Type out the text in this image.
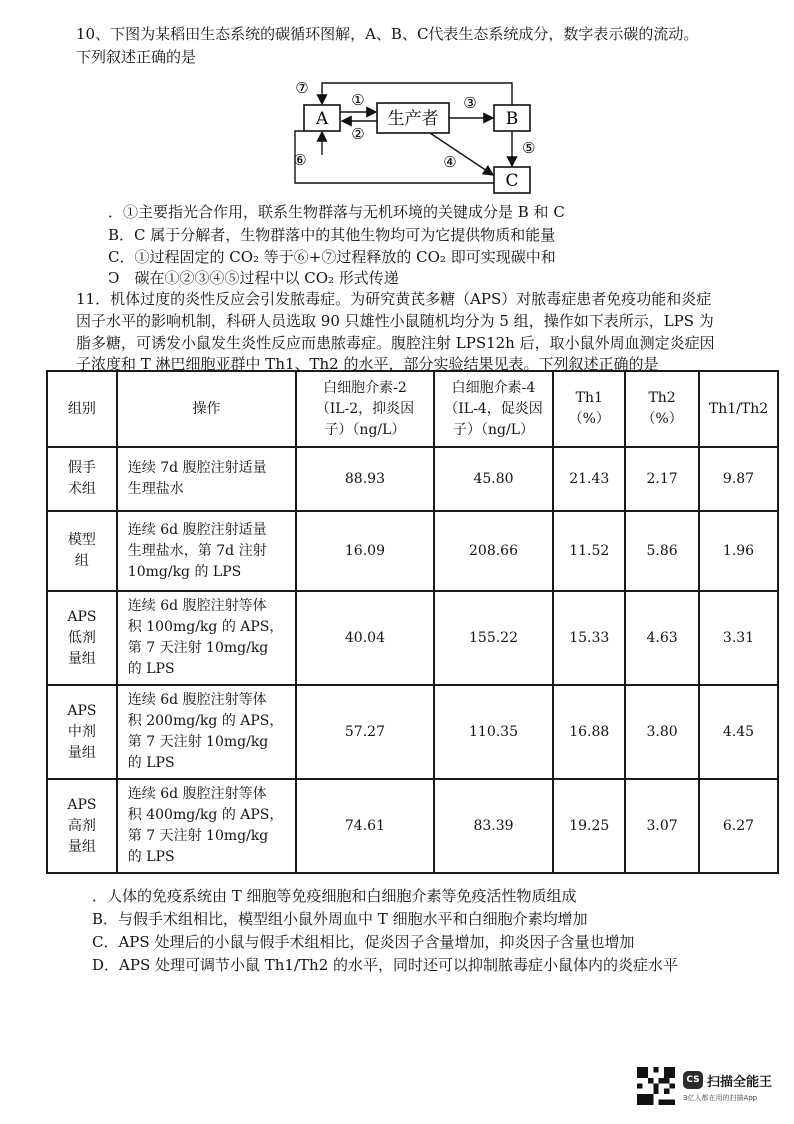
10、下图为某稻田生态系统的碳循环图解，A、B、C代表生态系统成分，数字表示碳的流动。
下列叙述正确的是
A	生产者	B
C
①
②
③
④
⑤
⑥
⑦
．①主要指光合作用，联系生物群落与无机环境的关键成分是 B 和 C
B．C 属于分解者，生物群落中的其他生物均可为它提供物质和能量
C．①过程固定的 CO₂ 等于⑥+⑦过程释放的 CO₂ 即可实现碳中和
Ↄ　碳在①②③④⑤过程中以 CO₂ 形式传递
11．机体过度的炎性反应会引发脓毒症。为研究黄芪多糖（APS）对脓毒症患者免疫功能和炎症
因子水平的影响机制，科研人员选取 90 只雄性小鼠随机均分为 5 组，操作如下表所示，LPS 为
脂多糖，可诱发小鼠发生炎性反应而患脓毒症。腹腔注射 LPS12h 后，取小鼠外周血测定炎症因
子浓度和 T 淋巴细胞亚群中 Th1、Th2 的水平，部分实验结果见表。下列叙述正确的是
组别	操作	白细胞介素-2
（IL-2，抑炎因
子）（ng/L）	白细胞介素-4
（IL-4，促炎因
子）（ng/L）	Th1
（%）	Th2
（%）	Th1/Th2
假手
术组	连续 7d 腹腔注射适量
生理盐水	88.93	45.80	21.43	2.17	9.87
模型
组	连续 6d 腹腔注射适量
生理盐水，第 7d 注射
10mg/kg 的 LPS	16.09	208.66	11.52	5.86	1.96
APS
低剂
量组	连续 6d 腹腔注射等体
积 100mg/kg 的 APS，
第 7 天注射 10mg/kg
的 LPS	40.04	155.22	15.33	4.63	3.31
APS
中剂
量组	连续 6d 腹腔注射等体
积 200mg/kg 的 APS，
第 7 天注射 10mg/kg
的 LPS	57.27	110.35	16.88	3.80	4.45
APS
高剂
量组	连续 6d 腹腔注射等体
积 400mg/kg 的 APS，
第 7 天注射 10mg/kg
的 LPS	74.61	83.39	19.25	3.07	6.27
．人体的免疫系统由 T 细胞等免疫细胞和白细胞介素等免疫活性物质组成
B．与假手术组相比，模型组小鼠外周血中 T 细胞水平和白细胞介素均增加
C．APS 处理后的小鼠与假手术组相比，促炎因子含量增加，抑炎因子含量也增加
D．APS 处理可调节小鼠 Th1/Th2 的水平，同时还可以抑制脓毒症小鼠体内的炎症水平
CS 扫描全能王
3亿人都在用的扫描App
